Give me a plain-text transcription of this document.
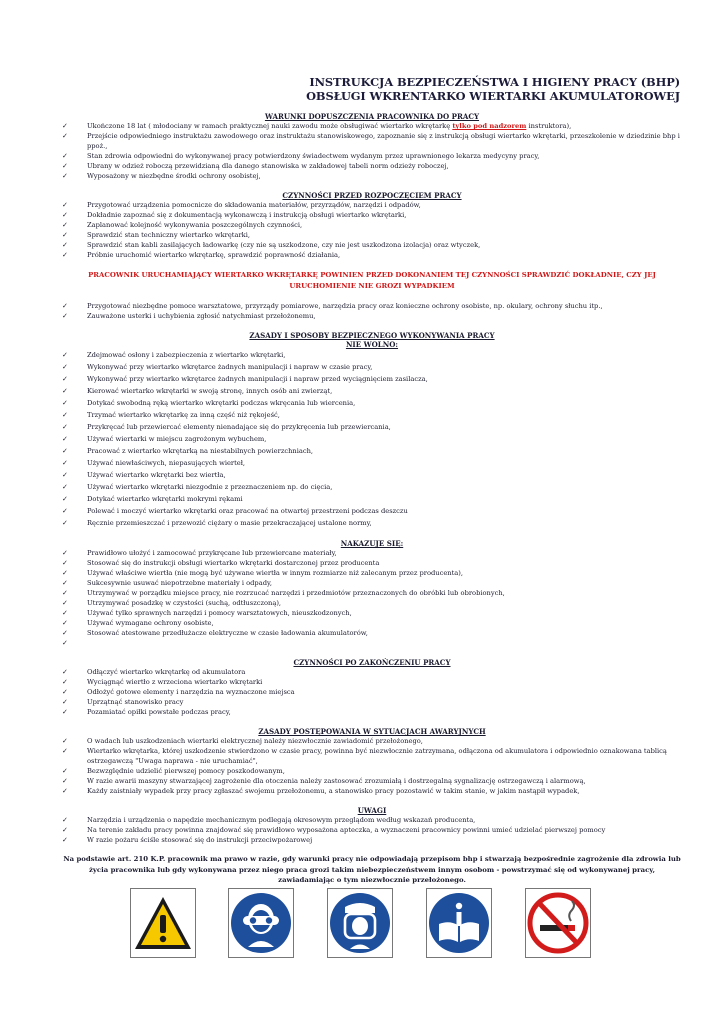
INSTRUKCJA BEZPIECZEŃSTWA I HIGIENY PRACY (BHP)
OBSŁUGI WKRENTARKO WIERTARKI AKUMULATOROWEJ
WARUNKI DOPUSZCZENIA PRACOWNIKA DO PRACY
✓	Ukończone 18 lat ( młodociany w ramach praktycznej nauki zawodu może obsługiwać wiertarko wkrętarkę tylko pod nadzorem instruktora),
✓	Przejście odpowiedniego instruktażu zawodowego oraz instruktażu stanowiskowego, zapoznanie się z instrukcją obsługi wiertarko wkrętarki, przeszkolenie w dziedzinie bhp i ppoż.,
✓	Stan zdrowia odpowiedni do wykonywanej pracy potwierdzony świadectwem wydanym przez uprawnionego lekarza medycyny pracy,
✓	Ubrany w odzież roboczą przewidzianą dla danego stanowiska w zakładowej tabeli norm odzieży roboczej,
✓	Wyposażony w niezbędne środki ochrony osobistej,
CZYNNOŚCI PRZED ROZPOCZĘCIEM PRACY
✓	Przygotować urządzenia pomocnicze do składowania materiałów, przyrządów, narzędzi i odpadów,
✓	Dokładnie zapoznać się z dokumentacją wykonawczą i instrukcją obsługi wiertarko wkrętarki,
✓	Zaplanować kolejność wykonywania poszczególnych czynności,
✓	Sprawdzić stan techniczny wiertarko wkrętarki,
✓	Sprawdzić stan kabli zasilających ładowarkę (czy nie są uszkodzone, czy nie jest uszkodzona izolacja) oraz wtyczek,
✓	Próbnie uruchomić wiertarko wkrętarkę, sprawdzić poprawność działania,
PRACOWNIK URUCHAMIAJĄCY WIERTARKO WKRĘTARKĘ POWINIEN PRZED DOKONANIEM TEJ CZYNNOŚCI SPRAWDZIĆ DOKŁADNIE, CZY JEJ
URUCHOMIENIE NIE GROZI WYPADKIEM
✓	Przygotować niezbędne pomoce warsztatowe, przyrządy pomiarowe, narzędzia pracy oraz konieczne ochrony osobiste, np. okulary, ochrony słuchu itp.,
✓	Zauważone usterki i uchybienia zgłosić natychmiast przełożonemu,
ZASADY I SPOSOBY BEZPIECZNEGO WYKONYWANIA PRACY
NIE WOLNO:
✓	Zdejmować osłony i zabezpieczenia z wiertarko wkrętarki,
✓	Wykonywać przy wiertarko wkrętarce żadnych manipulacji i napraw w czasie pracy,
✓	Wykonywać przy wiertarko wkrętarce żadnych manipulacji i napraw przed wyciągnięciem zasilacza,
✓	Kierować wiertarko wkrętarki w swoją stronę, innych osób ani zwierząt,
✓	Dotykać swobodną ręką wiertarko wkrętarki podczas wkręcania lub wiercenia,
✓	Trzymać wiertarko wkrętarkę za inną część niż rękojeść,
✓	Przykręcać lub przewiercać elementy nienadające się do przykręcenia lub przewiercania,
✓	Używać wiertarki w miejscu zagrożonym wybuchem,
✓	Pracować z wiertarko wkrętarką na niestabilnych powierzchniach,
✓	Używać niewłaściwych, niepasujących wierteł,
✓	Używać wiertarko wkrętarki bez wiertła,
✓	Używać wiertarko wkrętarki niezgodnie z przeznaczeniem np. do cięcia,
✓	Dotykać wiertarko wkrętarki mokrymi rękami
✓	Polewać i moczyć wiertarko wkrętarki oraz pracować na otwartej przestrzeni podczas deszczu
✓	Ręcznie przemieszczać i przewozić ciężary o masie przekraczającej ustalone normy,
NAKAZUJE SIĘ:
✓	Prawidłowo ułożyć i zamocować przykręcane lub przewiercane materiały,
✓	Stosować się do instrukcji obsługi wiertarko wkrętarki dostarczonej przez producenta
✓	Używać właściwe wiertła (nie mogą być używane wiertła w innym rozmiarze niż zalecanym przez producenta),
✓	Sukcesywnie usuwać niepotrzebne materiały i odpady,
✓	Utrzymywać w porządku miejsce pracy, nie rozrzucać narzędzi i przedmiotów przeznaczonych do obróbki lub obrobionych,
✓	Utrzymywać posadzkę w czystości (suchą, odtłuszczoną),
✓	Używać tylko sprawnych narzędzi i pomocy warsztatowych, nieuszkodzonych,
✓	Używać wymagane ochrony osobiste,
✓	Stosować atestowane przedłużacze elektryczne w czasie ładowania akumulatorów,
✓

CZYNNOŚCI PO ZAKOŃCZENIU PRACY
✓	Odłączyć wiertarko wkrętarkę od akumulatora
✓	Wyciągnąć wiertło z wrzeciona wiertarko wkrętarki
✓	Odłożyć gotowe elementy i narzędzia na wyznaczone miejsca
✓	Uprzątnąć stanowisko pracy
✓	Pozamiatać opiłki powstałe podczas pracy,
ZASADY POSTĘPOWANIA W SYTUACJACH AWARYJNYCH
✓	O wadach lub uszkodzeniach wiertarki elektrycznej należy niezwłocznie zawiadomić przełożonego,
✓	Wiertarko wkrętarka, której uszkodzenie stwierdzono w czasie pracy, powinna być niezwłocznie zatrzymana, odłączona od akumulatora i odpowiednio oznakowana tablicą ostrzegawczą "Uwaga naprawa - nie uruchamiać",
✓	Bezwzględnie udzielić pierwszej pomocy poszkodowanym,
✓	W razie awarii maszyny stwarzającej zagrożenie dla otoczenia należy zastosować zrozumiałą i dostrzegalną sygnalizację ostrzegawczą i alarmową,
✓	Każdy zaistniały wypadek przy pracy zgłaszać swojemu przełożonemu, a stanowisko pracy pozostawić w takim stanie, w jakim nastąpił wypadek,
UWAGI
✓	Narzędzia i urządzenia o napędzie mechanicznym podlegają okresowym przeglądom według wskazań producenta,
✓	Na terenie zakładu pracy powinna znajdować się prawidłowo wyposażona apteczka, a wyznaczeni pracownicy powinni umieć udzielać pierwszej pomocy
✓	W razie pożaru ściśle stosować się do instrukcji przeciwpożarowej
Na podstawie art. 210 K.P. pracownik ma prawo w razie, gdy warunki pracy nie odpowiadają przepisom bhp i stwarzają bezpośrednie zagrożenie dla zdrowia lub życia pracownika lub gdy wykonywana przez niego praca grozi takim niebezpieczeństwem innym osobom - powstrzymać się od wykonywanej pracy, zawiadamiając o tym niezwłocznie przełożonego.
